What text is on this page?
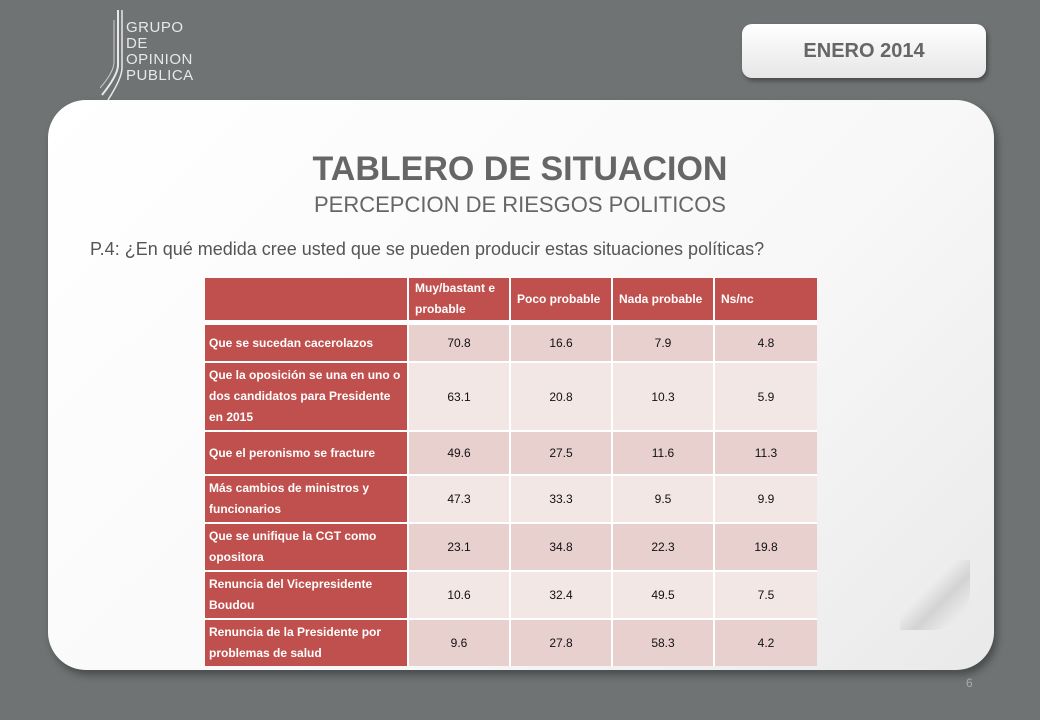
GRUPO
DE
OPINION
PUBLICA
ENERO 2014
TABLERO DE SITUACION
PERCEPCION DE RIESGOS POLITICOS
P.4: ¿En qué medida cree usted que se pueden producir estas situaciones políticas?
	Muy/bastant e probable	Poco probable	Nada probable	Ns/nc

Que se sucedan cacerolazos	70.8	16.6	7.9	4.8
Que la oposición se una en uno o dos candidatos para Presidente en 2015	63.1	20.8	10.3	5.9
Que el peronismo se fracture	49.6	27.5	11.6	11.3
Más cambios de ministros y funcionarios	47.3	33.3	9.5	9.9
Que se unifique la CGT como opositora	23.1	34.8	22.3	19.8
Renuncia del Vicepresidente Boudou	10.6	32.4	49.5	7.5
Renuncia de la Presidente por problemas de salud	9.6	27.8	58.3	4.2
6
